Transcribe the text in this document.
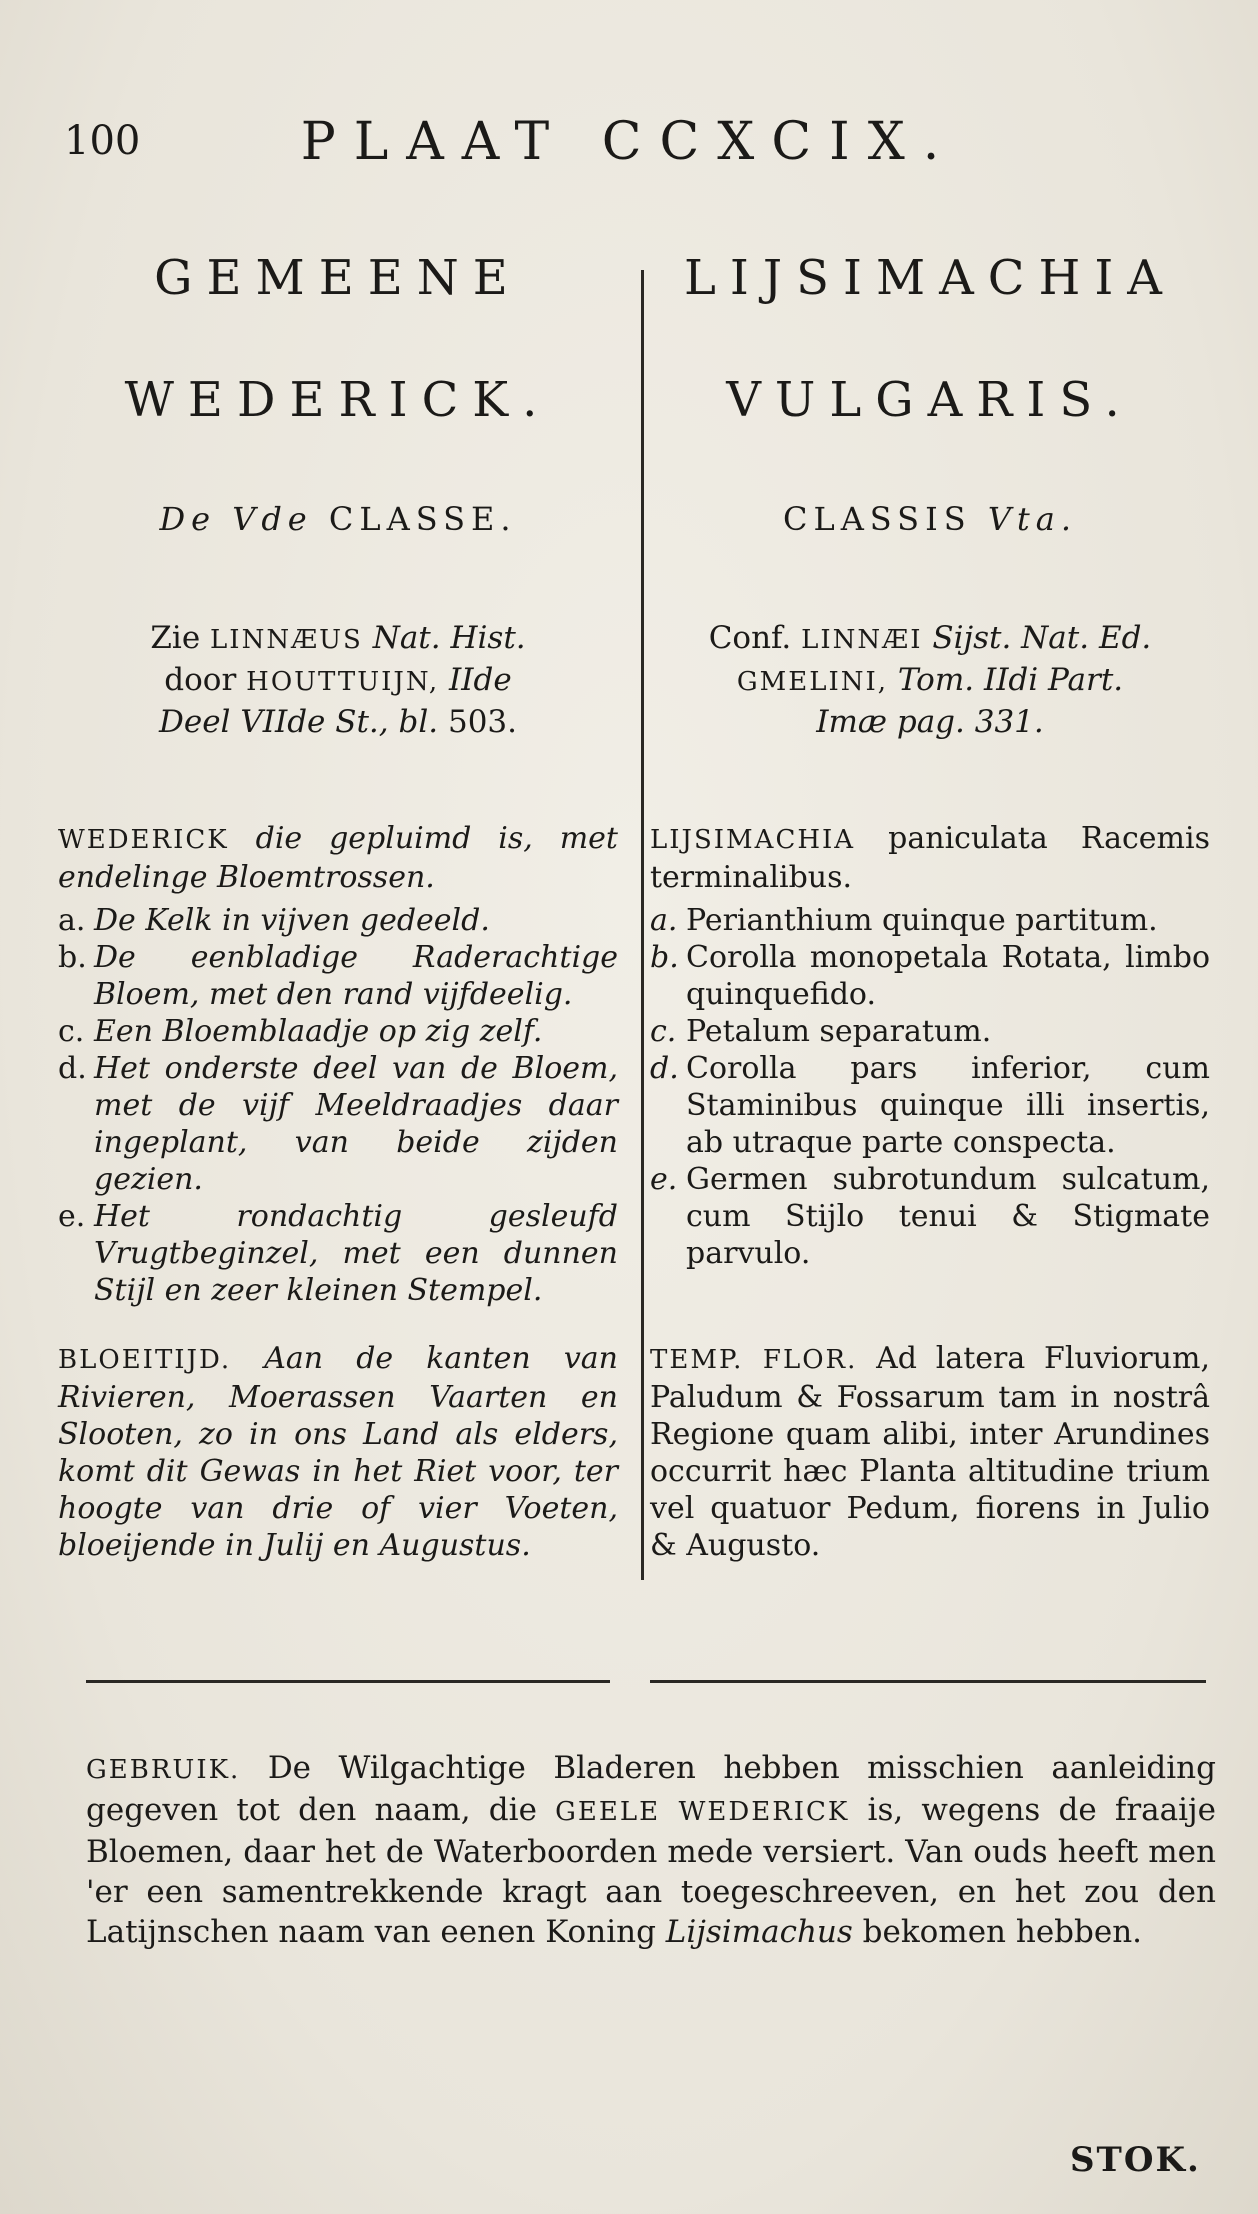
100	PLAAT CCXCIX.
GEMEENE
WEDERICK.
De Vde CLASSE.
Zie LINNÆUS Nat. Hist.
door HOUTTUIJN, IIde
Deel VIIde St., bl. 503.
WEDERICK die gepluimd is, met endelinge Bloemtrossen.
a. De Kelk in vijven gedeeld.
b. De eenbladige Raderachtige Bloem, met den rand vijfdeelig.
c. Een Bloemblaadje op zig zelf.
d. Het onderste deel van de Bloem, met de vijf Meeldraadjes daar ingeplant, van beide zijden gezien.
e. Het rondachtig gesleufd Vrugtbeginzel, met een dunnen Stijl en zeer kleinen Stempel.
BLOEITIJD. Aan de kanten van Rivieren, Moerassen Vaarten en Slooten, zo in ons Land als elders, komt dit Gewas in het Riet voor, ter hoogte van drie of vier Voeten, bloeijende in Julij en Augustus.
LIJSIMACHIA
VULGARIS.
CLASSIS Vta.
Conf. LINNÆI Sijst. Nat. Ed.
GMELINI, Tom. IIdi Part.
Imæ pag. 331.
LIJSIMACHIA paniculata Racemis terminalibus.
a. Perianthium quinque partitum.
b. Corolla monopetala Rotata, limbo quinquefido.
c. Petalum separatum.
d. Corolla pars inferior, cum Staminibus quinque illi insertis, ab utraque parte conspecta.
e. Germen subrotundum sulcatum, cum Stijlo tenui & Stigmate parvulo.
TEMP. FLOR. Ad latera Fluviorum, Paludum & Fossarum tam in nostrâ Regione quam alibi, inter Arundines occurrit hæc Planta altitudine trium vel quatuor Pedum, fiorens in Julio & Augusto.
GEBRUIK. De Wilgachtige Bladeren hebben misschien aanleiding gegeven tot den naam, die GEELE WEDERICK is, wegens de fraaije Bloemen, daar het de Waterboorden mede versiert. Van ouds heeft men 'er een samentrekkende kragt aan toegeschreeven, en het zou den Latijnschen naam van eenen Koning Lijsimachus bekomen hebben.
STOK.
